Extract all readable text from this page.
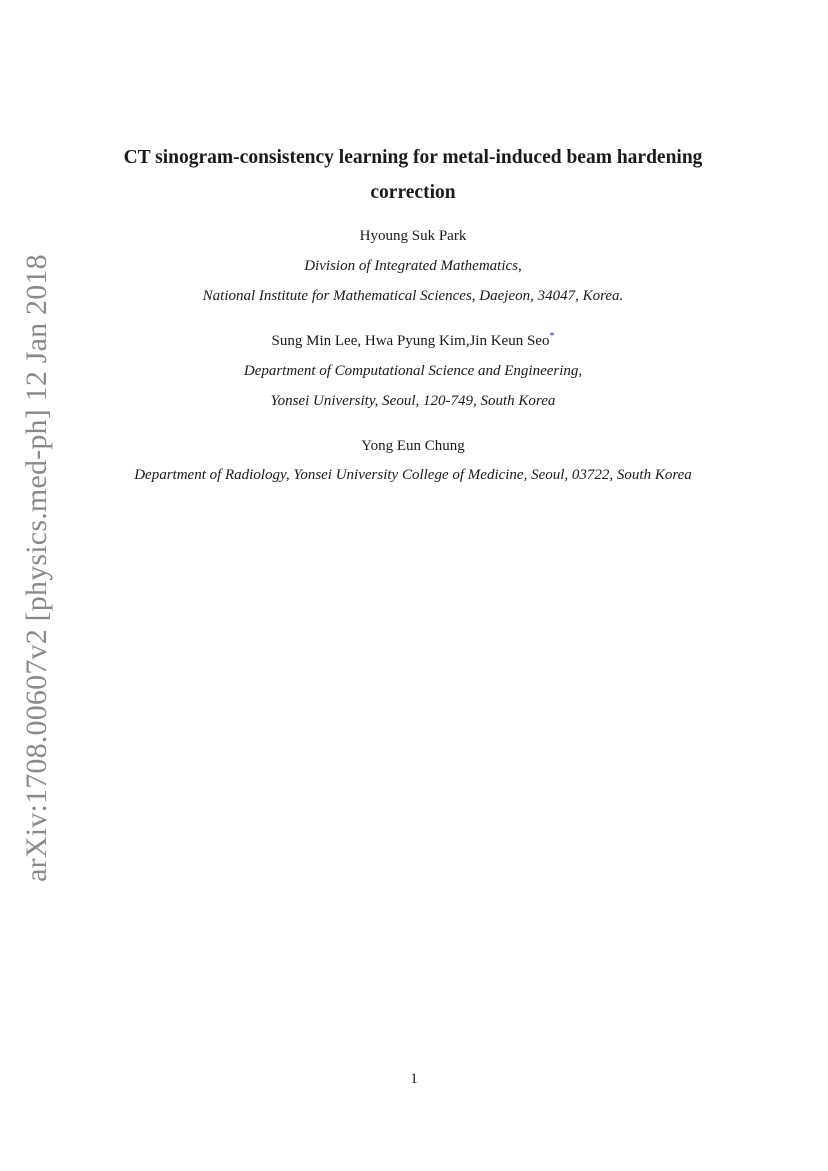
arXiv:1708.00607v2 [physics.med-ph] 12 Jan 2018
CT sinogram-consistency learning for metal-induced beam hardening correction
Hyoung Suk Park
Division of Integrated Mathematics,
National Institute for Mathematical Sciences, Daejeon, 34047, Korea.
Sung Min Lee, Hwa Pyung Kim,Jin Keun Seo*
Department of Computational Science and Engineering,
Yonsei University, Seoul, 120-749, South Korea
Yong Eun Chung
Department of Radiology, Yonsei University College of Medicine, Seoul, 03722, South Korea
1
